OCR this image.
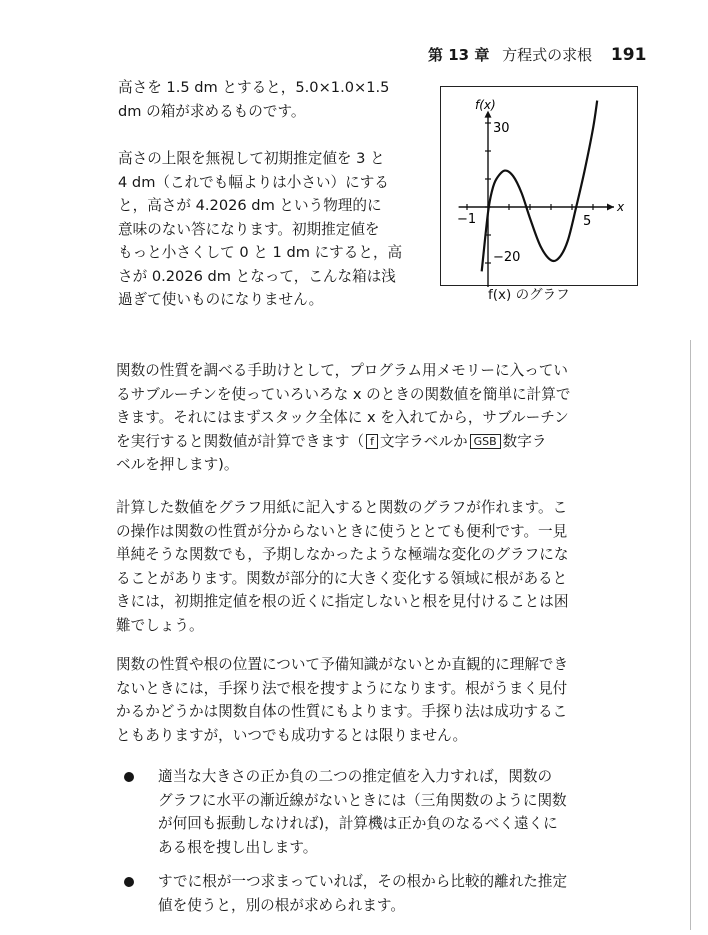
第 13 章 方程式の求根 191
高さを 1.5 dm とすると，5.0×1.0×1.5
dm の箱が求めるものです。
高さの上限を無視して初期推定値を 3 と
4 dm（これでも幅よりは小さい）にする
と，高さが 4.2026 dm という物理的に
意味のない答になります。初期推定値を
もっと小さくして 0 と 1 dm にすると，高
さが 0.2026 dm となって，こんな箱は浅
過ぎて使いものになりません。
f(x)
30
−20
−1	5
x
f(x) のグラフ
関数の性質を調べる手助けとして，プログラム用メモリーに入ってい
るサブルーチンを使っていろいろな x のときの関数値を簡単に計算で
きます。それにはまずスタック全体に x を入れてから，サブルーチン
を実行すると関数値が計算できます（ f 文字ラベルか GSB 数字ラ
ベルを押します)。
計算した数値をグラフ用紙に記入すると関数のグラフが作れます。こ
の操作は関数の性質が分からないときに使うととても便利です。一見
単純そうな関数でも，予期しなかったような極端な変化のグラフにな
ることがあります。関数が部分的に大きく変化する領域に根があると
きには，初期推定値を根の近くに指定しないと根を見付けることは困
難でしょう。
関数の性質や根の位置について予備知識がないとか直観的に理解でき
ないときには，手探り法で根を捜すようになります。根がうまく見付
かるかどうかは関数自体の性質にもよります。手探り法は成功するこ
ともありますが，いつでも成功するとは限りません。
適当な大きさの正か負の二つの推定値を入力すれば，関数の
グラフに水平の漸近線がないときには（三角関数のように関数
が何回も振動しなければ)，計算機は正か負のなるべく遠くに
ある根を捜し出します。
すでに根が一つ求まっていれば，その根から比較的離れた推定
値を使うと，別の根が求められます。
